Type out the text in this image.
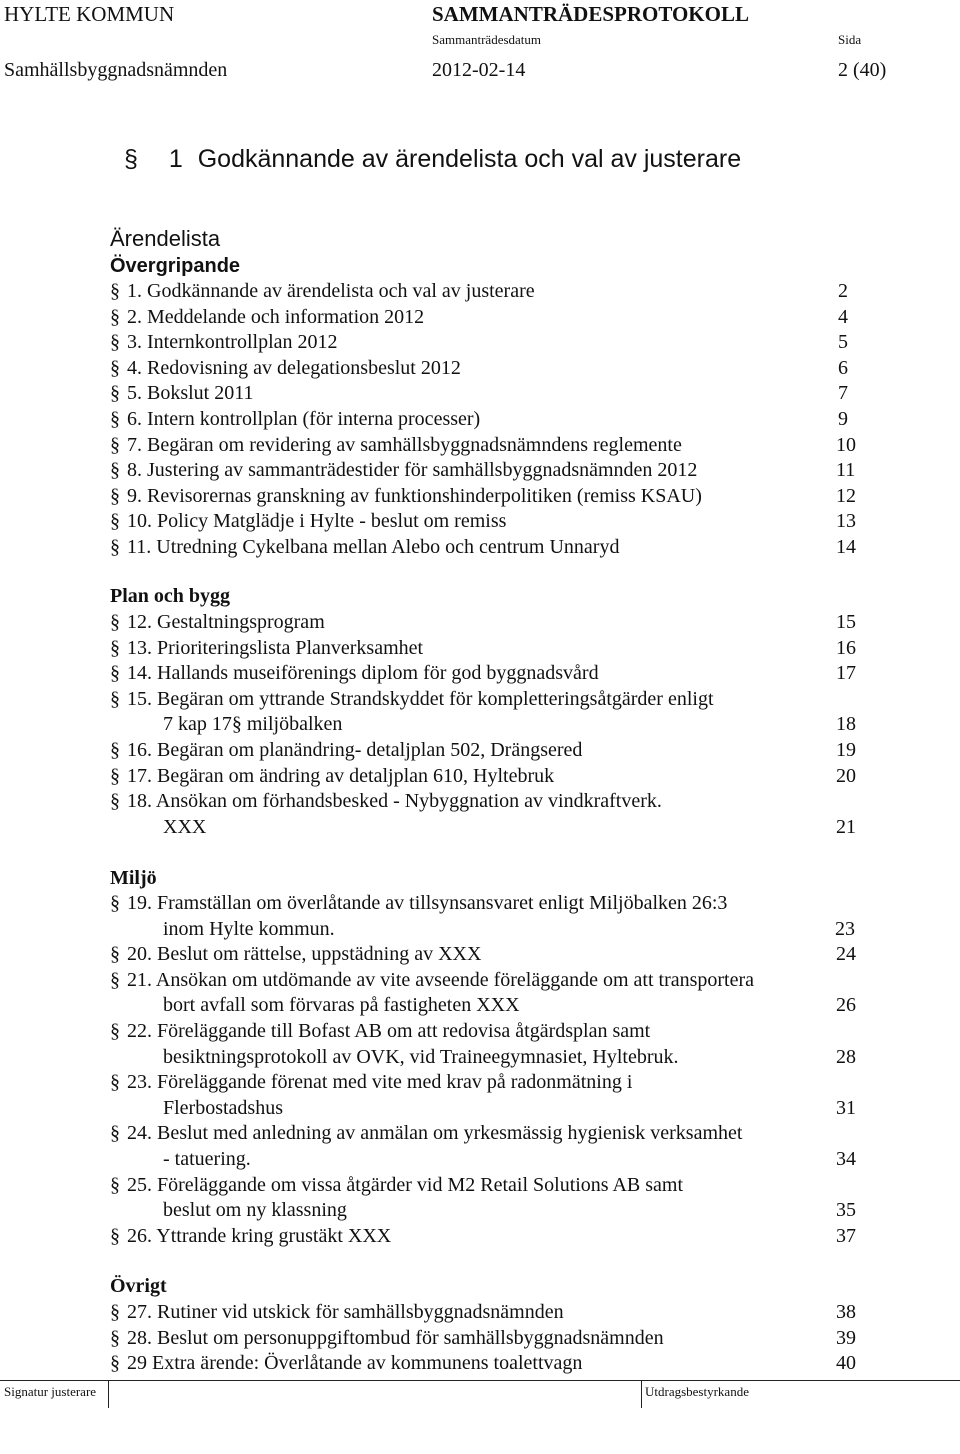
HYLTE KOMMUN	SAMMANTRÄDESPROTOKOLL
Sammanträdesdatum	Sida
Samhällsbyggnadsnämnden	2012-02-14	2 (40)
§ 1 Godkännande av ärendelista och val av justerare
Ärendelista
Övergripande
§ 1. Godkännande av ärendelista och val av justerare	2
§ 2. Meddelande och information 2012	4
§ 3. Internkontrollplan 2012	5
§ 4. Redovisning av delegationsbeslut 2012	6
§ 5. Bokslut 2011	7
§ 6. Intern kontrollplan (för interna processer)	9
§ 7. Begäran om revidering av samhällsbyggnadsnämndens reglemente	10
§ 8. Justering av sammanträdestider för samhällsbyggnadsnämnden 2012	11
§ 9. Revisorernas granskning av funktionshinderpolitiken (remiss KSAU)	12
§ 10. Policy Matglädje i Hylte - beslut om remiss	13
§ 11. Utredning Cykelbana mellan Alebo och centrum Unnaryd	14
Plan och bygg
§ 12. Gestaltningsprogram	15
§ 13. Prioriteringslista Planverksamhet	16
§ 14. Hallands museiförenings diplom för god byggnadsvård	17
§ 15. Begäran om yttrande Strandskyddet för kompletteringsåtgärder enligt
7 kap 17§ miljöbalken	18
§ 16. Begäran om planändring- detaljplan 502, Drängsered	19
§ 17. Begäran om ändring av detaljplan 610, Hyltebruk	20
§ 18. Ansökan om förhandsbesked - Nybyggnation av vindkraftverk.
XXX	21
Miljö
§ 19. Framställan om överlåtande av tillsynsansvaret enligt Miljöbalken 26:3
inom Hylte kommun.	23
§ 20. Beslut om rättelse, uppstädning av XXX	24
§ 21. Ansökan om utdömande av vite avseende föreläggande om att transportera
bort avfall som förvaras på fastigheten XXX	26
§ 22. Föreläggande till Bofast AB om att redovisa åtgärdsplan samt
besiktningsprotokoll av OVK, vid Traineegymnasiet, Hyltebruk.	28
§ 23. Föreläggande förenat med vite med krav på radonmätning i
Flerbostadshus	31
§ 24. Beslut med anledning av anmälan om yrkesmässig hygienisk verksamhet
- tatuering.	34
§ 25. Föreläggande om vissa åtgärder vid M2 Retail Solutions AB samt
beslut om ny klassning	35
§ 26. Yttrande kring grustäkt XXX	37
Övrigt
§ 27. Rutiner vid utskick för samhällsbyggnadsnämnden	38
§ 28. Beslut om personuppgiftombud för samhällsbyggnadsnämnden	39
§ 29 Extra ärende: Överlåtande av kommunens toalettvagn	40
Signatur justerare	Utdragsbestyrkande
